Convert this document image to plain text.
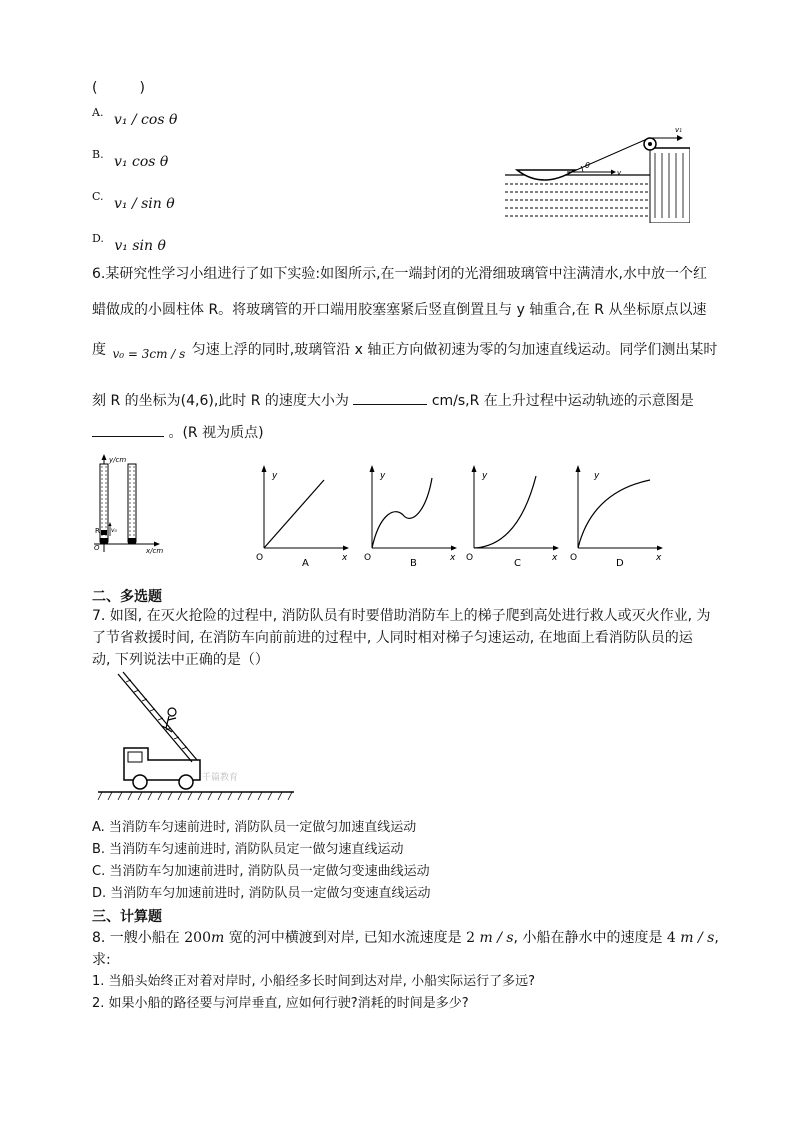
(　　　)
A. v₁ / cos θ
B. v₁ cos θ
C. v₁ / sin θ
D. v₁ sin θ
v₁
v
θ
6.某研究性学习小组进行了如下实验:如图所示,在一端封闭的光滑细玻璃管中注满清水,水中放一个红
蜡做成的小圆柱体 R。将玻璃管的开口端用胶塞塞紧后竖直倒置且与 y 轴重合,在 R 从坐标原点以速
度 v₀ = 3cm / s 匀速上浮的同时,玻璃管沿 x 轴正方向做初速为零的匀加速直线运动。同学们测出某时
刻 R 的坐标为(4,6),此时 R 的速度大小为	cm/s,R 在上升过程中运动轨迹的示意图是
。(R 视为质点)
y/cm
x/cm
R v₀
O
y
x
O	A
y
x
O	B
y
x
O	C
y
x
O	D
二、多选题
7. 如图, 在灭火抢险的过程中, 消防队员有时要借助消防车上的梯子爬到高处进行救人或灭火作业, 为
了节省救援时间, 在消防车向前前进的过程中, 人同时相对梯子匀速运动, 在地面上看消防队员的运
动, 下列说法中正确的是（）
千篇教育
A. 当消防车匀速前进时, 消防队员一定做匀加速直线运动
B. 当消防车匀速前进时, 消防队员定一做匀速直线运动
C. 当消防车匀加速前进时, 消防队员一定做匀变速曲线运动
D. 当消防车匀加速前进时, 消防队员一定做匀变速直线运动
三、计算题
8. 一艘小船在 200m 宽的河中横渡到对岸, 已知水流速度是 2 m / s, 小船在静水中的速度是 4 m / s,
求:
1. 当船头始终正对着对岸时, 小船经多长时间到达对岸, 小船实际运行了多远?
2. 如果小船的路径要与河岸垂直, 应如何行驶?消耗的时间是多少?
